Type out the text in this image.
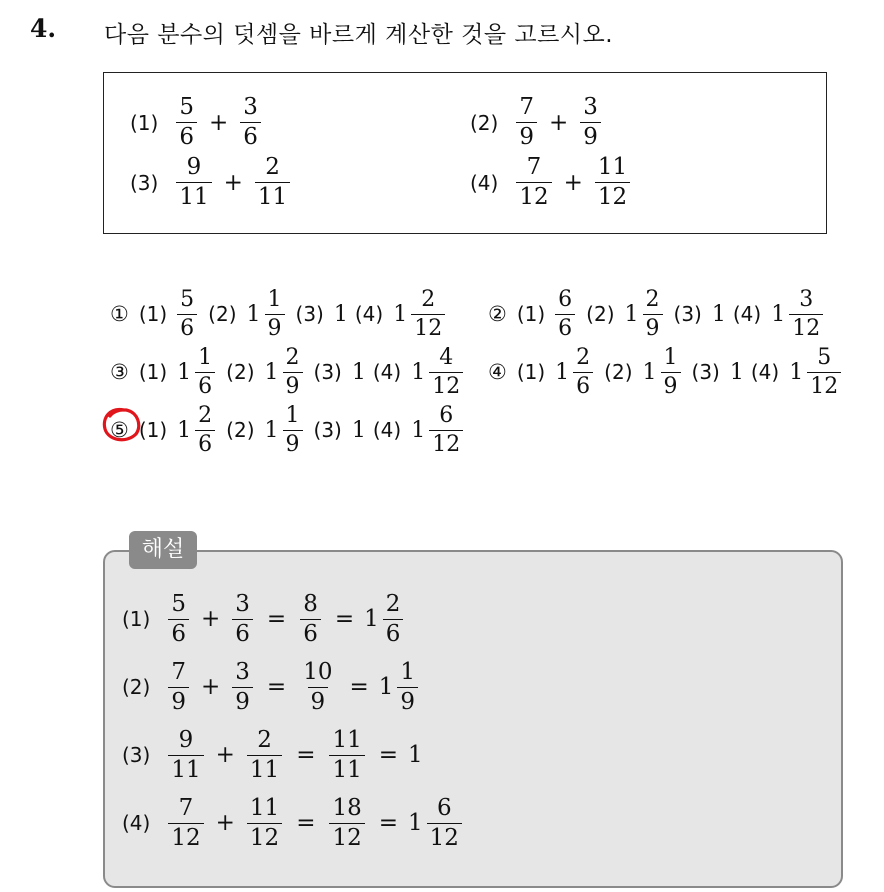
4. 다음 분수의 덧셈을 바르게 계산한 것을 고르시오.
$(1) \frac{5}{6} + \frac{3}{6}$	$(2) \frac{7}{9} + \frac{3}{9}$
$(3) \frac{9}{11} + \frac{2}{11}$	$(4) \frac{7}{12} + \frac{11}{12}$
① $(1) \frac{5}{6}$
(2) $1 \frac{1}{9}$
(3) 1
(4) $1 \frac{2}{12}$
② $(1) \frac{6}{6}$
(2) $1 \frac{2}{9}$
(3) 1
(4) $1 \frac{3}{12}$

③ (1) $1 \frac{1}{6}$
(2) $1 \frac{2}{9}$
(3) 1
(4) $1 \frac{4}{12}$
④ (1) $1 \frac{2}{6}$
(2) $1 \frac{1}{9}$
(3) 1
(4) $1 \frac{5}{12}$

⑤ (1) $1 \frac{2}{6}$
(2) $1 \frac{1}{9}$
(3) 1
(4) $1 \frac{6}{12}$

해설
$(1) \frac{5}{6} + \frac{3}{6} = \frac{8}{6} = 1 \frac{2}{6}$
$(2) \frac{7}{9} + \frac{3}{9} = \frac{10}{9} = 1 \frac{1}{9}$
$(3) \frac{9}{11} + \frac{2}{11} = \frac{11}{11} = 1$
$(4) \frac{7}{12} + \frac{11}{12} = \frac{18}{12} = 1 \frac{6}{12}$
